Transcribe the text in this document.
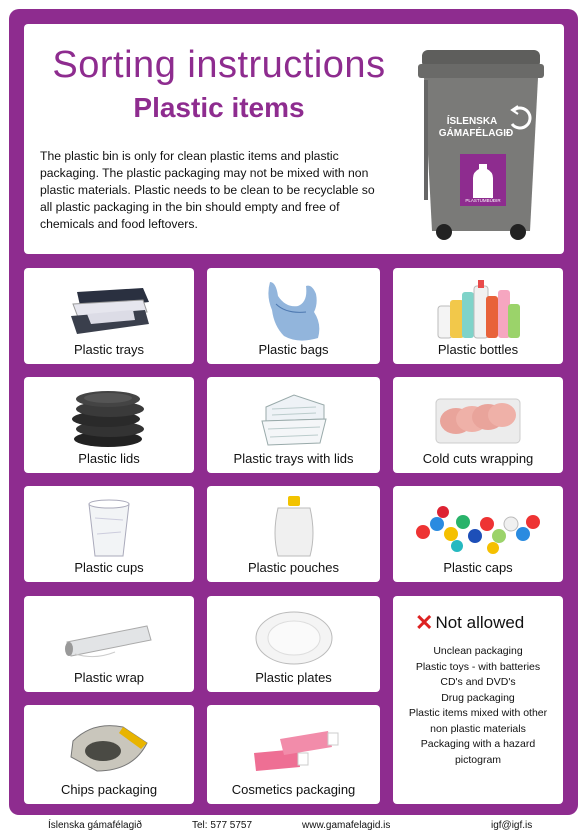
Sorting instructions
Plastic items
The plastic bin is only for clean plastic items and plastic packaging. The plastic packaging may not be mixed with non plastic materials. Plastic needs to be clean to be recyclable so all plastic packaging in the bin should empty and free of chemicals and food leftovers.
PLASTUMBÚÐIR
ÍSLENSKA
GÁMAFÉLAGIÐ
Plastic trays	Plastic bags	Plastic bottles
Plastic lids	Plastic trays with lids	Cold cuts wrapping
Plastic cups	Plastic pouches	Plastic caps
Plastic wrap	Plastic plates
✕ Not allowed
Unclean packaging
Plastic toys - with batteries
CD's and DVD's
Drug packaging
Plastic items mixed with other
non plastic materials
Packaging with a hazard
pictogram
Chips packaging	Cosmetics packaging
Íslenska gámafélagið	Tel: 577 5757	www.gamafelagid.is	igf@igf.is
